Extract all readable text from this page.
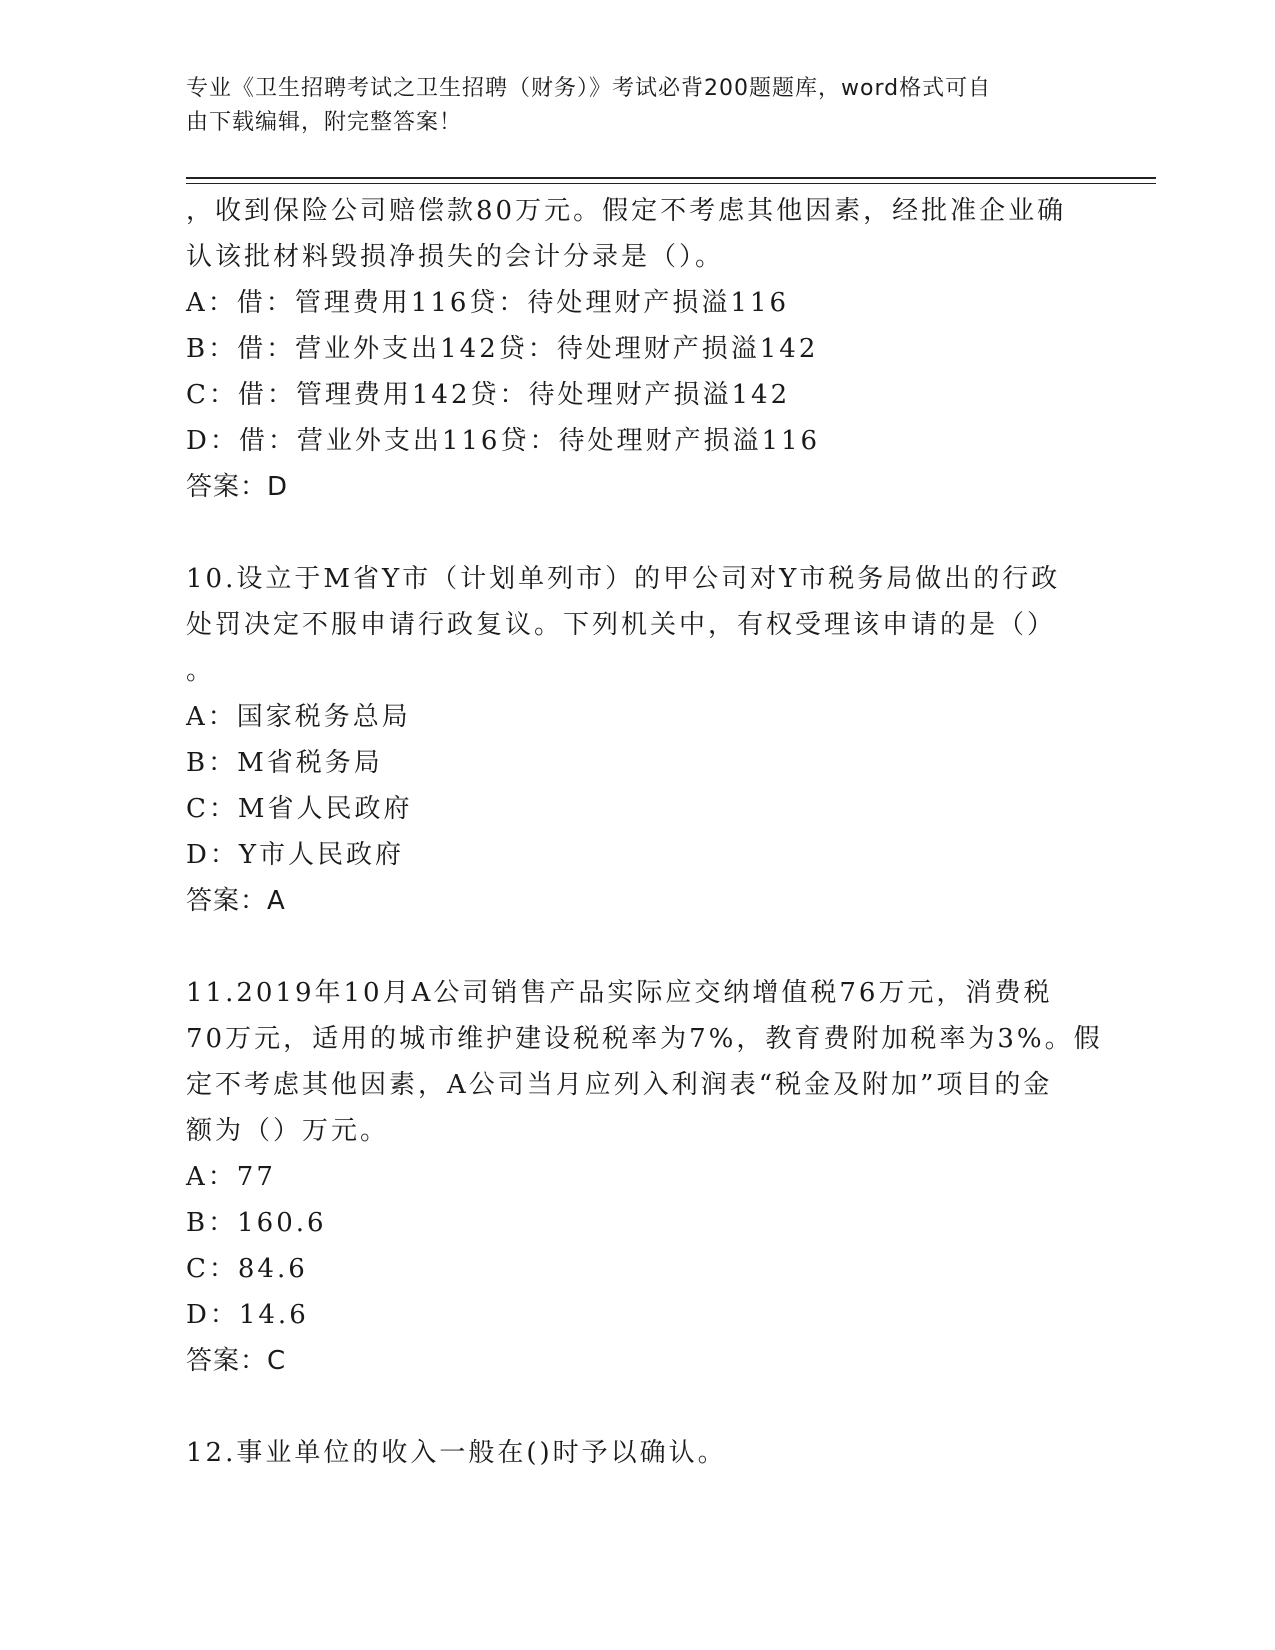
专业《卫生招聘考试之卫生招聘（财务）》考试必背200题题库，word格式可自
由下载编辑，附完整答案！
，收到保险公司赔偿款80万元。假定不考虑其他因素，经批准企业确
认该批材料毁损净损失的会计分录是（）。
A：借：管理费用116贷：待处理财产损溢116
B：借：营业外支出142贷：待处理财产损溢142
C：借：管理费用142贷：待处理财产损溢142
D：借：营业外支出116贷：待处理财产损溢116
答案：D
10.设立于M省Y市（计划单列市）的甲公司对Y市税务局做出的行政
处罚决定不服申请行政复议。下列机关中，有权受理该申请的是（）
。
A：国家税务总局
B：M省税务局
C：M省人民政府
D：Y市人民政府
答案：A
11.2019年10月A公司销售产品实际应交纳增值税76万元，消费税
70万元，适用的城市维护建设税税率为7%，教育费附加税率为3%。假
定不考虑其他因素，A公司当月应列入利润表“税金及附加”项目的金
额为（）万元。
A：77
B：160.6
C：84.6
D：14.6
答案：C
12.事业单位的收入一般在()时予以确认。
